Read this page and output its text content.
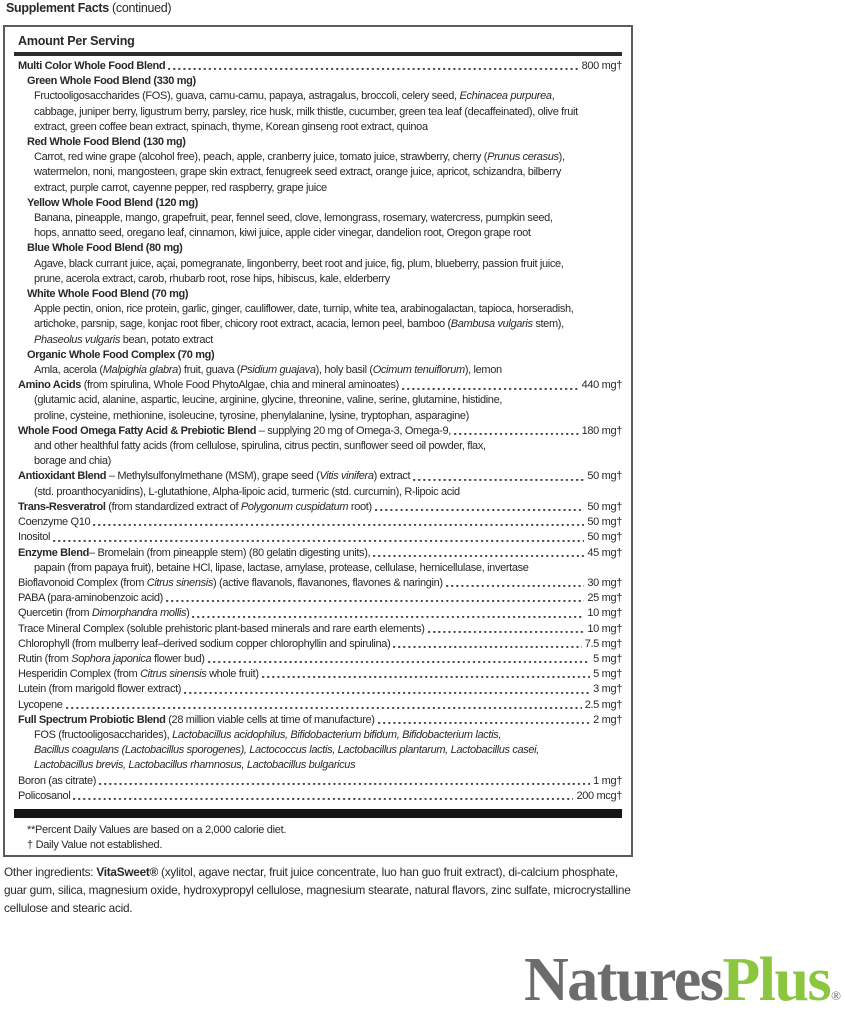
Supplement Facts (continued)
Amount Per Serving
Multi Color Whole Food Blend	800 mg†
Green Whole Food Blend (330 mg)
Fructooligosaccharides (FOS), guava, camu-camu, papaya, astragalus, broccoli, celery seed, Echinacea purpurea,
cabbage, juniper berry, ligustrum berry, parsley, rice husk, milk thistle, cucumber, green tea leaf (decaffeinated), olive fruit
extract, green coffee bean extract, spinach, thyme, Korean ginseng root extract, quinoa
Red Whole Food Blend (130 mg)
Carrot, red wine grape (alcohol free), peach, apple, cranberry juice, tomato juice, strawberry, cherry (Prunus cerasus),
watermelon, noni, mangosteen, grape skin extract, fenugreek seed extract, orange juice, apricot, schizandra, bilberry
extract, purple carrot, cayenne pepper, red raspberry, grape juice
Yellow Whole Food Blend (120 mg)
Banana, pineapple, mango, grapefruit, pear, fennel seed, clove, lemongrass, rosemary, watercress, pumpkin seed,
hops, annatto seed, oregano leaf, cinnamon, kiwi juice, apple cider vinegar, dandelion root, Oregon grape root
Blue Whole Food Blend (80 mg)
Agave, black currant juice, açai, pomegranate, lingonberry, beet root and juice, fig, plum, blueberry, passion fruit juice,
prune, acerola extract, carob, rhubarb root, rose hips, hibiscus, kale, elderberry
White Whole Food Blend (70 mg)
Apple pectin, onion, rice protein, garlic, ginger, cauliflower, date, turnip, white tea, arabinogalactan, tapioca, horseradish,
artichoke, parsnip, sage, konjac root fiber, chicory root extract, acacia, lemon peel, bamboo (Bambusa vulgaris stem),
Phaseolus vulgaris bean, potato extract
Organic Whole Food Complex (70 mg)
Amla, acerola (Malpighia glabra) fruit, guava (Psidium guajava), holy basil (Ocimum tenuiflorum), lemon
Amino Acids (from spirulina, Whole Food PhytoAlgae, chia and mineral aminoates)	440 mg†
(glutamic acid, alanine, aspartic, leucine, arginine, glycine, threonine, valine, serine, glutamine, histidine,
proline, cysteine, methionine, isoleucine, tyrosine, phenylalanine, lysine, tryptophan, asparagine)
Whole Food Omega Fatty Acid & Prebiotic Blend – supplying 20 mg of Omega-3, Omega-9,	180 mg†
and other healthful fatty acids (from cellulose, spirulina, citrus pectin, sunflower seed oil powder, flax,
borage and chia)
Antioxidant Blend – Methylsulfonylmethane (MSM), grape seed (Vitis vinifera) extract	50 mg†
(std. proanthocyanidins), L-glutathione, Alpha-lipoic acid, turmeric (std. curcumin), R-lipoic acid
Trans-Resveratrol (from standardized extract of Polygonum cuspidatum root)	50 mg†
Coenzyme Q10	50 mg†
Inositol	50 mg†
Enzyme Blend– Bromelain (from pineapple stem) (80 gelatin digesting units),	45 mg†
papain (from papaya fruit), betaine HCl, lipase, lactase, amylase, protease, cellulase, hemicellulase, invertase
Bioflavonoid Complex (from Citrus sinensis) (active flavanols, flavanones, flavones & naringin)	30 mg†
PABA (para-aminobenzoic acid)	25 mg†
Quercetin (from Dimorphandra mollis)	10 mg†
Trace Mineral Complex (soluble prehistoric plant-based minerals and rare earth elements)	10 mg†
Chlorophyll (from mulberry leaf–derived sodium copper chlorophyllin and spirulina)	7.5 mg†
Rutin (from Sophora japonica flower bud)	5 mg†
Hesperidin Complex (from Citrus sinensis whole fruit)	5 mg†
Lutein (from marigold flower extract)	3 mg†
Lycopene	2.5 mg†
Full Spectrum Probiotic Blend (28 million viable cells at time of manufacture)	2 mg†
FOS (fructooligosaccharides), Lactobacillus acidophilus, Bifidobacterium bifidum, Bifidobacterium lactis,
Bacillus coagulans (Lactobacillus sporogenes), Lactococcus lactis, Lactobacillus plantarum, Lactobacillus casei,
Lactobacillus brevis, Lactobacillus rhamnosus, Lactobacillus bulgaricus
Boron (as citrate)	1 mg†
Policosanol	200 mcg†
**Percent Daily Values are based on a 2,000 calorie diet.
† Daily Value not established.
Other ingredients: VitaSweet® (xylitol, agave nectar, fruit juice concentrate, luo han guo fruit extract), di-calcium phosphate, guar gum, silica, magnesium oxide, hydroxypropyl cellulose, magnesium stearate, natural flavors, zinc sulfate, microcrystalline cellulose and stearic acid.
NaturesPlus®
